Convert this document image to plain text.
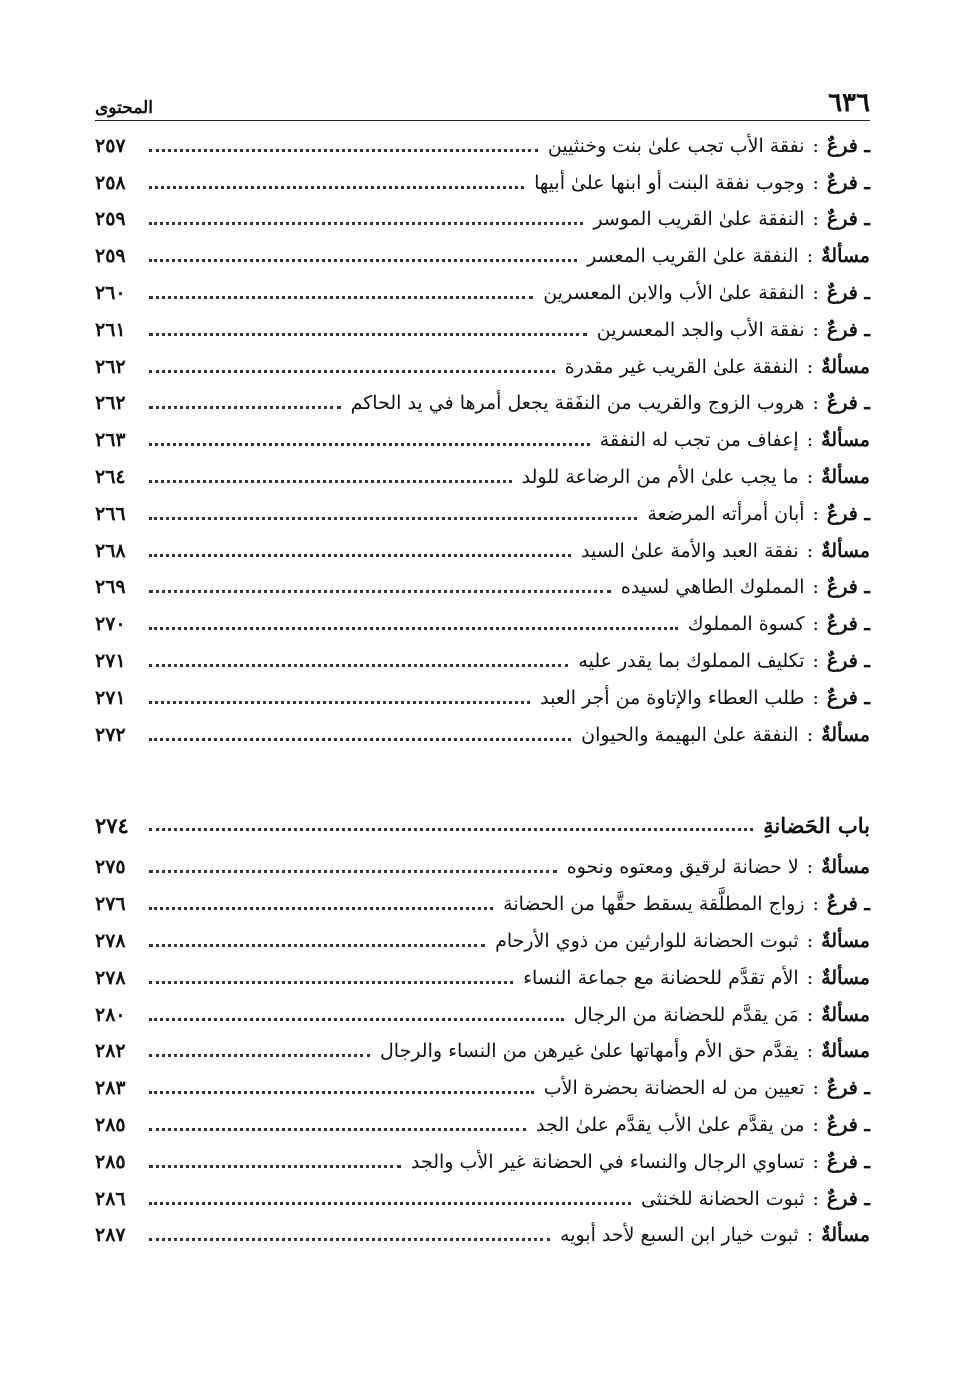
٦٣٦
المحتوى
ـ فرعٌ
:
نفقة الأب تجب علىٰ بنت وخنثيين
٢٥٧
ـ فرعٌ
:
وجوب نفقة البنت أو ابنها علىٰ أبيها
٢٥٨
ـ فرعٌ
:
النفقة علىٰ القريب الموسر
٢٥٩
مسألةٌ
:
النفقة علىٰ القريب المعسر
٢٥٩
ـ فرعٌ
:
النفقة علىٰ الأب والابن المعسرين
٢٦٠
ـ فرعٌ
:
نفقة الأب والجد المعسرين
٢٦١
مسألةٌ
:
النفقة علىٰ القريب غير مقدرة
٢٦٢
ـ فرعٌ
:
هروب الزوج والقريب من النفَقة يجعل أمرها في يد الحاكم
٢٦٢
مسألةٌ
:
إعفاف من تجب له النفقة
٢٦٣
مسألةٌ
:
ما يجب علىٰ الأم من الرضاعة للولد
٢٦٤
ـ فرعٌ
:
أبان أمرأته المرضعة
٢٦٦
مسألةٌ
:
نفقة العبد والأمة علىٰ السيد
٢٦٨
ـ فرعٌ
:
المملوك الطاهي لسيده
٢٦٩
ـ فرعٌ
:
كسوة المملوك
٢٧٠
ـ فرعٌ
:
تكليف المملوك بما يقدر عليه
٢٧١
ـ فرعٌ
:
طلب العطاء والإتاوة من أجر العبد
٢٧١
مسألةٌ
:
النفقة علىٰ البهيمة والحيوان
٢٧٢
باب الحَضانةِ
٢٧٤
مسألةٌ
:
لا حضانة لرقيق ومعتوه ونحوه
٢٧٥
ـ فرعٌ
:
زواج المطلَّقة يسقط حقَّها من الحضانة
٢٧٦
مسألةٌ
:
ثبوت الحضانة للوارثين من ذوي الأرحام
٢٧٨
مسألةٌ
:
الأم تقدَّم للحضانة مع جماعة النساء
٢٧٨
مسألةٌ
:
مَن يقدَّم للحضانة من الرجال
٢٨٠
مسألةٌ
:
يقدَّم حق الأم وأمهاتها علىٰ غيرهن من النساء والرجال
٢٨٢
ـ فرعٌ
:
تعيين من له الحضانة بحضرة الأب
٢٨٣
ـ فرعٌ
:
من يقدَّم علىٰ الأب يقدَّم علىٰ الجد
٢٨٥
ـ فرعٌ
:
تساوي الرجال والنساء في الحضانة غير الأب والجد
٢٨٥
ـ فرعٌ
:
ثبوت الحضانة للخنثى
٢٨٦
مسألةٌ
:
ثبوت خيار ابن السبع لأحد أبويه
٢٨٧
